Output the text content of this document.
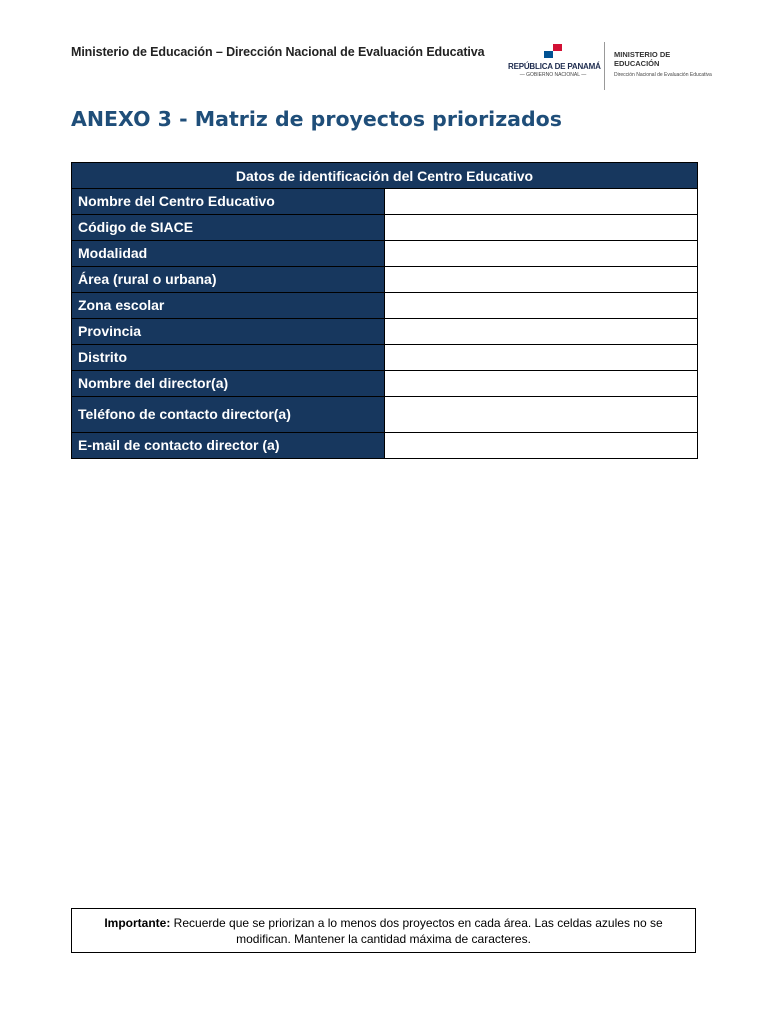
Ministerio de Educación – Dirección Nacional de Evaluación Educativa
REPÚBLICA DE PANAMÁ
— GOBIERNO NACIONAL —
MINISTERIO DE
EDUCACIÓN
Dirección Nacional de Evaluación Educativa
ANEXO 3 - Matriz de proyectos priorizados
Datos de identificación del Centro Educativo	
Nombre del Centro Educativo	
Código de SIACE	
Modalidad	
Área (rural o urbana)	
Zona escolar	
Provincia	
Distrito	
Nombre del director(a)	
Teléfono de contacto director(a)	
E-mail de contacto director (a)	
Importante: Recuerde que se priorizan a lo menos dos proyectos en cada área. Las celdas azules no se modifican. Mantener la cantidad máxima de caracteres.
